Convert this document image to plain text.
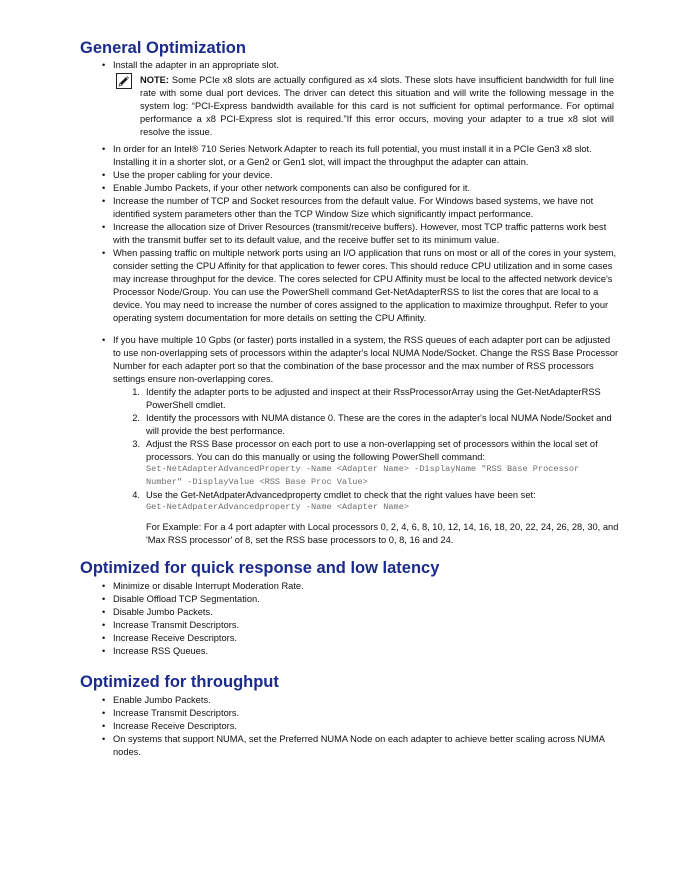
General Optimization
• Install the adapter in an appropriate slot.

NOTE: Some PCIe x8 slots are actually configured as x4 slots. These slots have insufficient bandwidth for full line rate with some dual port devices. The driver can detect this situation and will write the following message in the system log: “PCI-Express bandwidth available for this card is not sufficient for optimal performance. For optimal performance a x8 PCI-Express slot is required.”If this error occurs, moving your adapter to a true x8 slot will resolve the issue.

• In order for an Intel® 710 Series Network Adapter to reach its full potential, you must install it in a PCIe Gen3 x8 slot. Installing it in a shorter slot, or a Gen2 or Gen1 slot, will impact the throughput the adapter can attain.

• Use the proper cabling for your device.

• Enable Jumbo Packets, if your other network components can also be configured for it.

• Increase the number of TCP and Socket resources from the default value. For Windows based systems, we have not identified system parameters other than the TCP Window Size which significantly impact performance.

• Increase the allocation size of Driver Resources (transmit/receive buffers). However, most TCP traffic patterns work best with the transmit buffer set to its default value, and the receive buffer set to its minimum value.

• When passing traffic on multiple network ports using an I/O application that runs on most or all of the cores in your system, consider setting the CPU Affinity for that application to fewer cores. This should reduce CPU utilization and in some cases may increase throughput for the device. The cores selected for CPU Affinity must be local to the affected network device's Processor Node/Group. You can use the PowerShell command Get-NetAdapterRSS to list the cores that are local to a device. You may need to increase the number of cores assigned to the application to maximize throughput. Refer to your operating system documentation for more details on setting the CPU Affinity.

• If you have multiple 10 Gpbs (or faster) ports installed in a system, the RSS queues of each adapter port can be adjusted to use non-overlapping sets of processors within the adapter's local NUMA Node/Socket. Change the RSS Base Processor Number for each adapter port so that the combination of the base processor and the max number of RSS processors settings ensure non-overlapping cores.

1. Identify the adapter ports to be adjusted and inspect at their RssProcessorArray using the Get-NetAdapterRSS PowerShell cmdlet.

2. Identify the processors with NUMA distance 0. These are the cores in the adapter's local NUMA Node/Socket and will provide the best performance.

3. Adjust the RSS Base processor on each port to use a non-overlapping set of processors within the local set of processors. You can do this manually or using the following PowerShell command:

Set-NetAdapterAdvancedProperty -Name <Adapter Name> -DisplayName "RSS Base Processor Number" -DisplayValue <RSS Base Proc Value>

4. Use the Get-NetAdpaterAdvancedproperty cmdlet to check that the right values have been set:

Get-NetAdpaterAdvancedproperty -Name <Adapter Name>

For Example: For a 4 port adapter with Local processors 0, 2, 4, 6, 8, 10, 12, 14, 16, 18, 20, 22, 24, 26, 28, 30, and 'Max RSS processor' of 8, set the RSS base processors to 0, 8, 16 and 24.

Optimized for quick response and low latency
• Minimize or disable Interrupt Moderation Rate.

• Disable Offload TCP Segmentation.

• Disable Jumbo Packets.

• Increase Transmit Descriptors.

• Increase Receive Descriptors.

• Increase RSS Queues.

Optimized for throughput
• Enable Jumbo Packets.

• Increase Transmit Descriptors.

• Increase Receive Descriptors.

• On systems that support NUMA, set the Preferred NUMA Node on each adapter to achieve better scaling across NUMA nodes.
